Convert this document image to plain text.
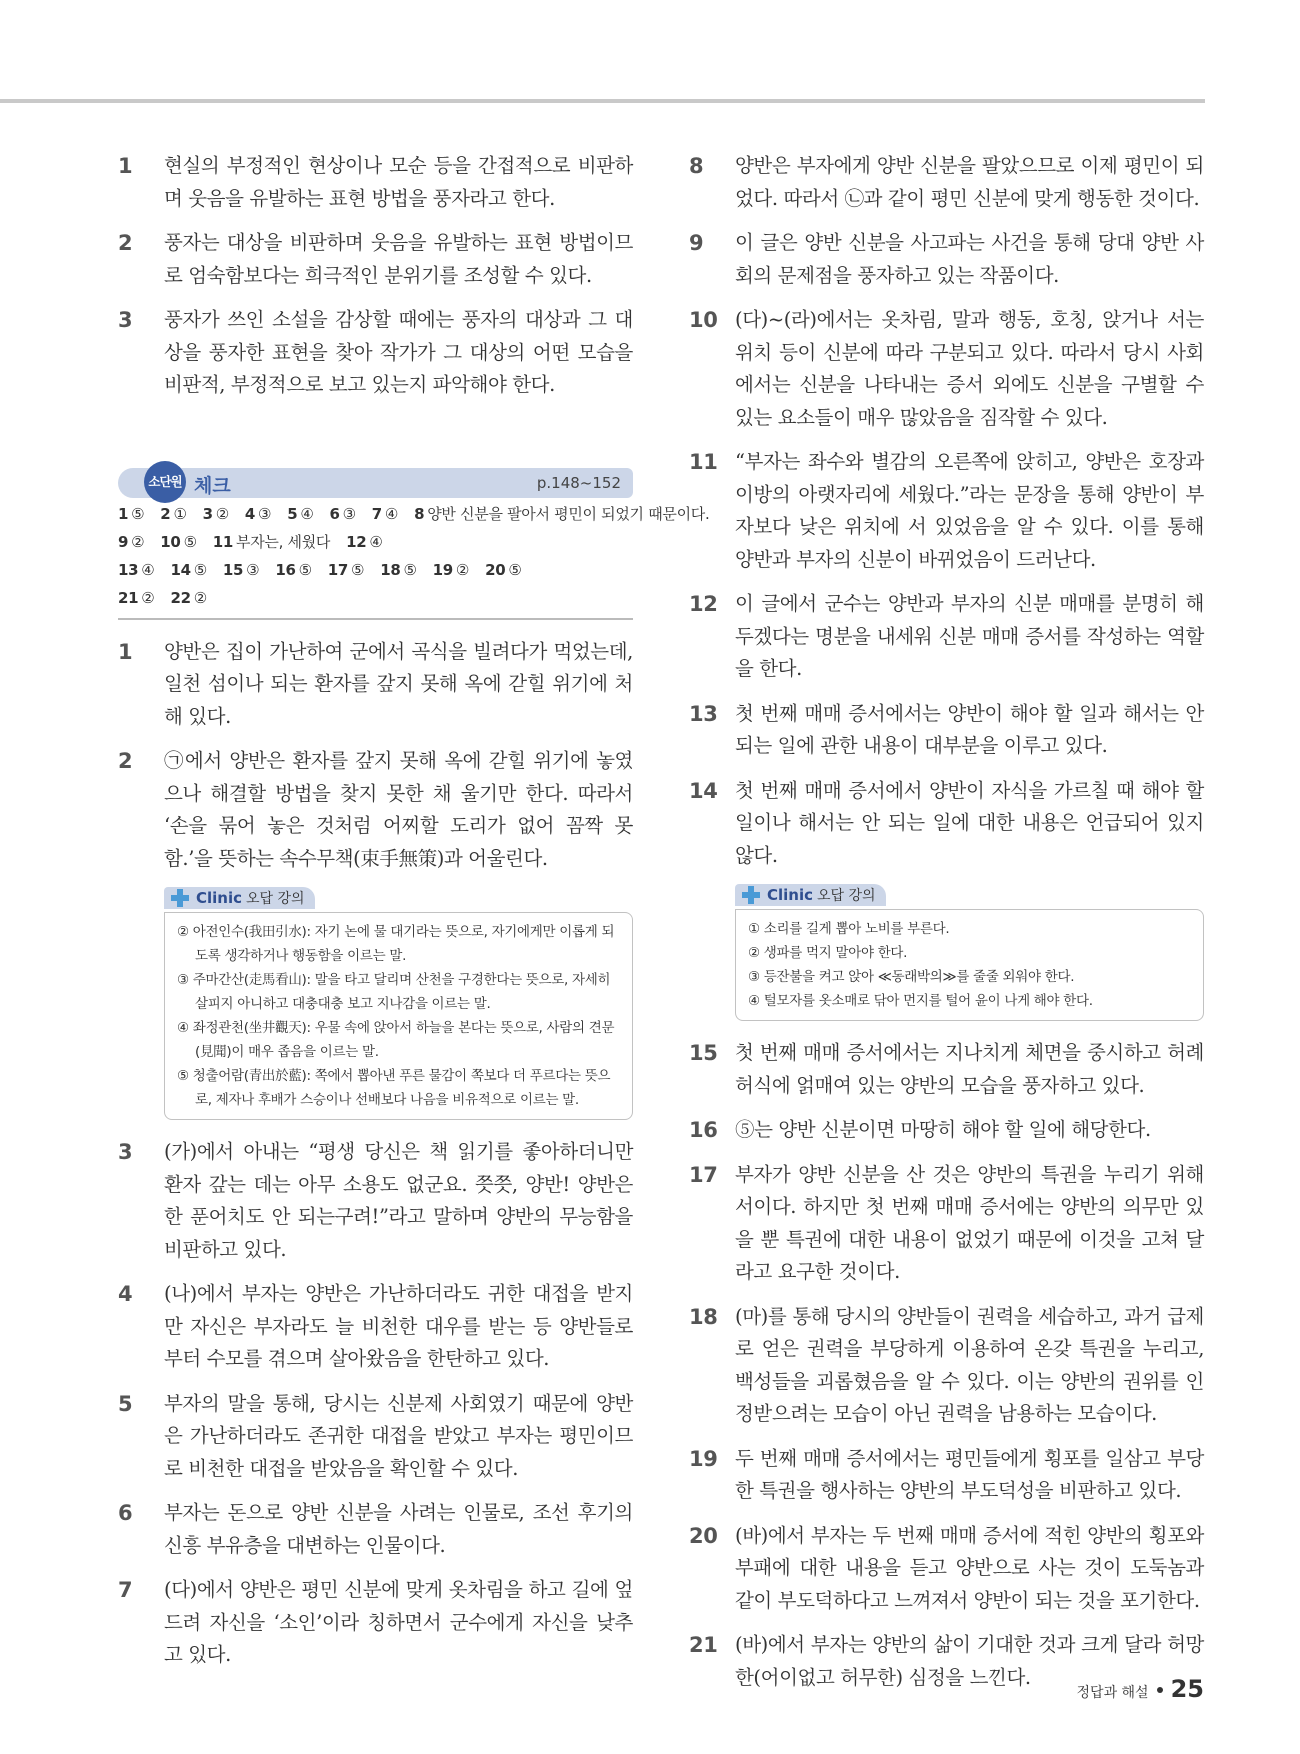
1 현실의 부정적인 현상이나 모순 등을 간접적으로 비판하며 웃음을 유발하는 표현 방법을 풍자라고 한다.
2 풍자는 대상을 비판하며 웃음을 유발하는 표현 방법이므로 엄숙함보다는 희극적인 분위기를 조성할 수 있다.
3 풍자가 쓰인 소설을 감상할 때에는 풍자의 대상과 그 대상을 풍자한 표현을 찾아 작가가 그 대상의 어떤 모습을 비판적, 부정적으로 보고 있는지 파악해야 한다.
소단원 체크	p.148~152
1 ⑤ 2 ① 3 ② 4 ③ 5 ④ 6 ③ 7 ④ 8 양반 신분을 팔아서 평민이 되었기 때문이다.
9 ② 10 ⑤ 11 부자는, 세웠다 12 ④
13 ④ 14 ⑤ 15 ③ 16 ⑤ 17 ⑤ 18 ⑤ 19 ② 20 ⑤
21 ② 22 ②
1 양반은 집이 가난하여 군에서 곡식을 빌려다가 먹었는데, 일천 섬이나 되는 환자를 갚지 못해 옥에 갇힐 위기에 처해 있다.
2 ㉠에서 양반은 환자를 갚지 못해 옥에 갇힐 위기에 놓였으나 해결할 방법을 찾지 못한 채 울기만 한다. 따라서 ‘손을 묶어 놓은 것처럼 어찌할 도리가 없어 꼼짝 못함.’을 뜻하는 속수무책(束手無策)과 어울린다.
Clinic 오답 강의
② 아전인수(我田引水): 자기 논에 물 대기라는 뜻으로, 자기에게만 이롭게 되도록 생각하거나 행동함을 이르는 말.
③ 주마간산(走馬看山): 말을 타고 달리며 산천을 구경한다는 뜻으로, 자세히 살피지 아니하고 대충대충 보고 지나감을 이르는 말.
④ 좌정관천(坐井觀天): 우물 속에 앉아서 하늘을 본다는 뜻으로, 사람의 견문(見聞)이 매우 좁음을 이르는 말.
⑤ 청출어람(青出於藍): 쪽에서 뽑아낸 푸른 물감이 쪽보다 더 푸르다는 뜻으로, 제자나 후배가 스승이나 선배보다 나음을 비유적으로 이르는 말.
3 (가)에서 아내는 “평생 당신은 책 읽기를 좋아하더니만 환자 갚는 데는 아무 소용도 없군요. 쯧쯧, 양반! 양반은 한 푼어치도 안 되는구려!”라고 말하며 양반의 무능함을 비판하고 있다.
4 (나)에서 부자는 양반은 가난하더라도 귀한 대접을 받지만 자신은 부자라도 늘 비천한 대우를 받는 등 양반들로부터 수모를 겪으며 살아왔음을 한탄하고 있다.
5 부자의 말을 통해, 당시는 신분제 사회였기 때문에 양반은 가난하더라도 존귀한 대접을 받았고 부자는 평민이므로 비천한 대접을 받았음을 확인할 수 있다.
6 부자는 돈으로 양반 신분을 사려는 인물로, 조선 후기의 신흥 부유층을 대변하는 인물이다.
7 (다)에서 양반은 평민 신분에 맞게 옷차림을 하고 길에 엎드려 자신을 ‘소인’이라 칭하면서 군수에게 자신을 낮추고 있다.
8 양반은 부자에게 양반 신분을 팔았으므로 이제 평민이 되었다. 따라서 ㉡과 같이 평민 신분에 맞게 행동한 것이다.
9 이 글은 양반 신분을 사고파는 사건을 통해 당대 양반 사회의 문제점을 풍자하고 있는 작품이다.
10 (다)~(라)에서는 옷차림, 말과 행동, 호칭, 앉거나 서는 위치 등이 신분에 따라 구분되고 있다. 따라서 당시 사회에서는 신분을 나타내는 증서 외에도 신분을 구별할 수 있는 요소들이 매우 많았음을 짐작할 수 있다.
11 “부자는 좌수와 별감의 오른쪽에 앉히고, 양반은 호장과 이방의 아랫자리에 세웠다.”라는 문장을 통해 양반이 부자보다 낮은 위치에 서 있었음을 알 수 있다. 이를 통해 양반과 부자의 신분이 바뀌었음이 드러난다.
12 이 글에서 군수는 양반과 부자의 신분 매매를 분명히 해 두겠다는 명분을 내세워 신분 매매 증서를 작성하는 역할을 한다.
13 첫 번째 매매 증서에서는 양반이 해야 할 일과 해서는 안 되는 일에 관한 내용이 대부분을 이루고 있다.
14 첫 번째 매매 증서에서 양반이 자식을 가르칠 때 해야 할 일이나 해서는 안 되는 일에 대한 내용은 언급되어 있지 않다.
Clinic 오답 강의
① 소리를 길게 뽑아 노비를 부른다.
② 생파를 먹지 말아야 한다.
③ 등잔불을 켜고 앉아 ≪동래박의≫를 줄줄 외워야 한다.
④ 털모자를 옷소매로 닦아 먼지를 털어 윤이 나게 해야 한다.
15 첫 번째 매매 증서에서는 지나치게 체면을 중시하고 허례허식에 얽매여 있는 양반의 모습을 풍자하고 있다.
16 ⑤는 양반 신분이면 마땅히 해야 할 일에 해당한다.
17 부자가 양반 신분을 산 것은 양반의 특권을 누리기 위해서이다. 하지만 첫 번째 매매 증서에는 양반의 의무만 있을 뿐 특권에 대한 내용이 없었기 때문에 이것을 고쳐 달라고 요구한 것이다.
18 (마)를 통해 당시의 양반들이 권력을 세습하고, 과거 급제로 얻은 권력을 부당하게 이용하여 온갖 특권을 누리고, 백성들을 괴롭혔음을 알 수 있다. 이는 양반의 권위를 인정받으려는 모습이 아닌 권력을 남용하는 모습이다.
19 두 번째 매매 증서에서는 평민들에게 횡포를 일삼고 부당한 특권을 행사하는 양반의 부도덕성을 비판하고 있다.
20 (바)에서 부자는 두 번째 매매 증서에 적힌 양반의 횡포와 부패에 대한 내용을 듣고 양반으로 사는 것이 도둑놈과 같이 부도덕하다고 느껴져서 양반이 되는 것을 포기한다.
21 (바)에서 부자는 양반의 삶이 기대한 것과 크게 달라 허망한(어이없고 허무한) 심정을 느낀다.
정답과 해설 25
